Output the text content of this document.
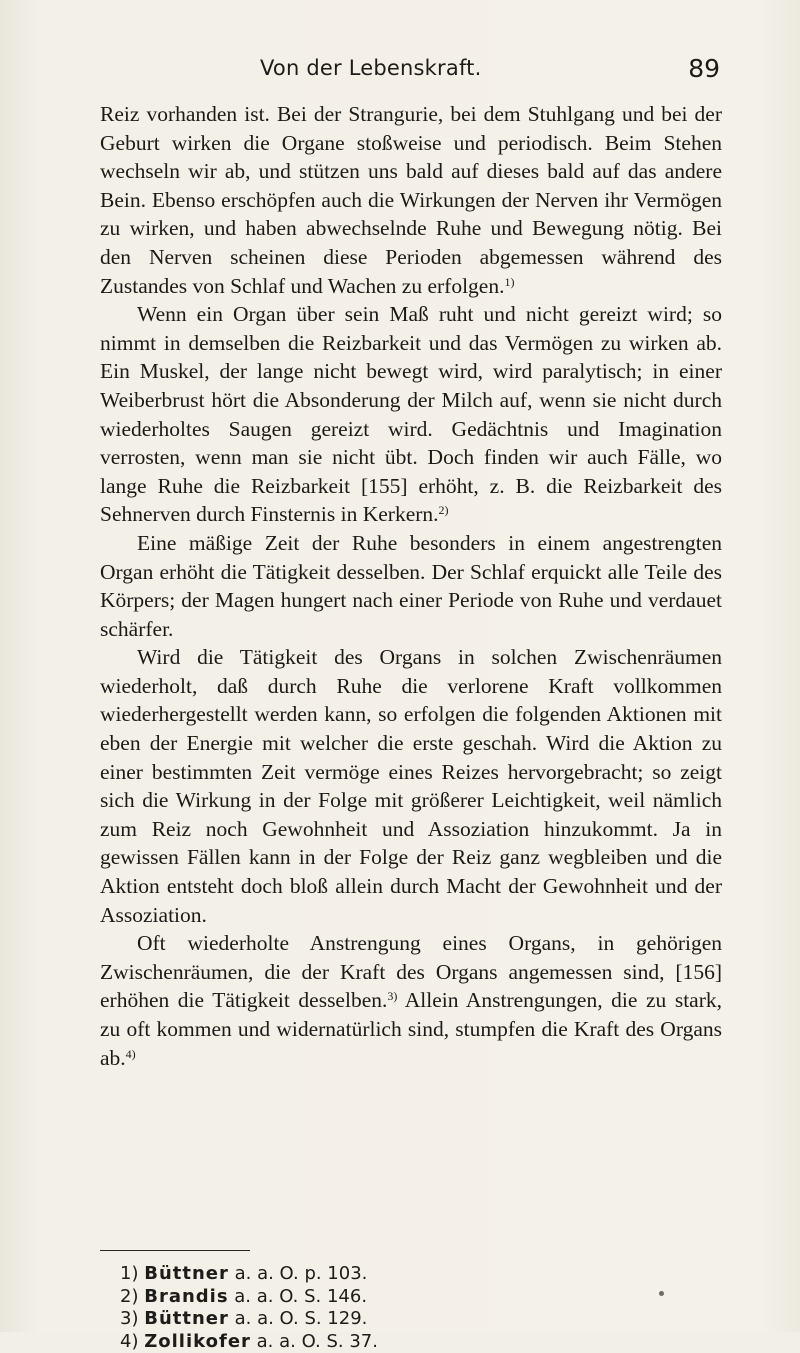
Von der Lebenskraft.	89

Reiz vorhanden ist. Bei der Strangurie, bei dem Stuhlgang und bei der Geburt wirken die Organe stoßweise und periodisch. Beim Stehen wechseln wir ab, und stützen uns bald auf dieses bald auf das andere Bein. Ebenso erschöpfen auch die Wirkungen der Nerven ihr Vermögen zu wirken, und haben abwechselnde Ruhe und Bewegung nötig. Bei den Nerven scheinen diese Perioden abgemessen während des Zustandes von Schlaf und Wachen zu erfolgen.$^{1)}$

Wenn ein Organ über sein Maß ruht und nicht gereizt wird; so nimmt in demselben die Reizbarkeit und das Vermögen zu wirken ab. Ein Muskel, der lange nicht bewegt wird, wird paralytisch; in einer Weiberbrust hört die Absonderung der Milch auf, wenn sie nicht durch wiederholtes Saugen gereizt wird. Gedächtnis und Imagination verrosten, wenn man sie nicht übt. Doch finden wir auch Fälle, wo lange Ruhe die Reizbarkeit [155] erhöht, z. B. die Reizbarkeit des Sehnerven durch Finsternis in Kerkern.$^{2)}$

Eine mäßige Zeit der Ruhe besonders in einem angestrengten Organ erhöht die Tätigkeit desselben. Der Schlaf erquickt alle Teile des Körpers; der Magen hungert nach einer Periode von Ruhe und verdauet schärfer.

Wird die Tätigkeit des Organs in solchen Zwischenräumen wiederholt, daß durch Ruhe die verlorene Kraft vollkommen wiederhergestellt werden kann, so erfolgen die folgenden Aktionen mit eben der Energie mit welcher die erste geschah. Wird die Aktion zu einer bestimmten Zeit vermöge eines Reizes hervorgebracht; so zeigt sich die Wirkung in der Folge mit größerer Leichtigkeit, weil nämlich zum Reiz noch Gewohnheit und Assoziation hinzukommt. Ja in gewissen Fällen kann in der Folge der Reiz ganz wegbleiben und die Aktion entsteht doch bloß allein durch Macht der Gewohnheit und der Assoziation.

Oft wiederholte Anstrengung eines Organs, in gehörigen Zwischenräumen, die der Kraft des Organs angemessen sind, [156] erhöhen die Tätigkeit desselben.$^{3)}$ Allein Anstrengungen, die zu stark, zu oft kommen und widernatürlich sind, stumpfen die Kraft des Organs ab.$^{4)}$

1) Büttner a. a. O. p. 103.
2) Brandis a. a. O. S. 146.
3) Büttner a. a. O. S. 129.
4) Zollikofer a. a. O. S. 37.
